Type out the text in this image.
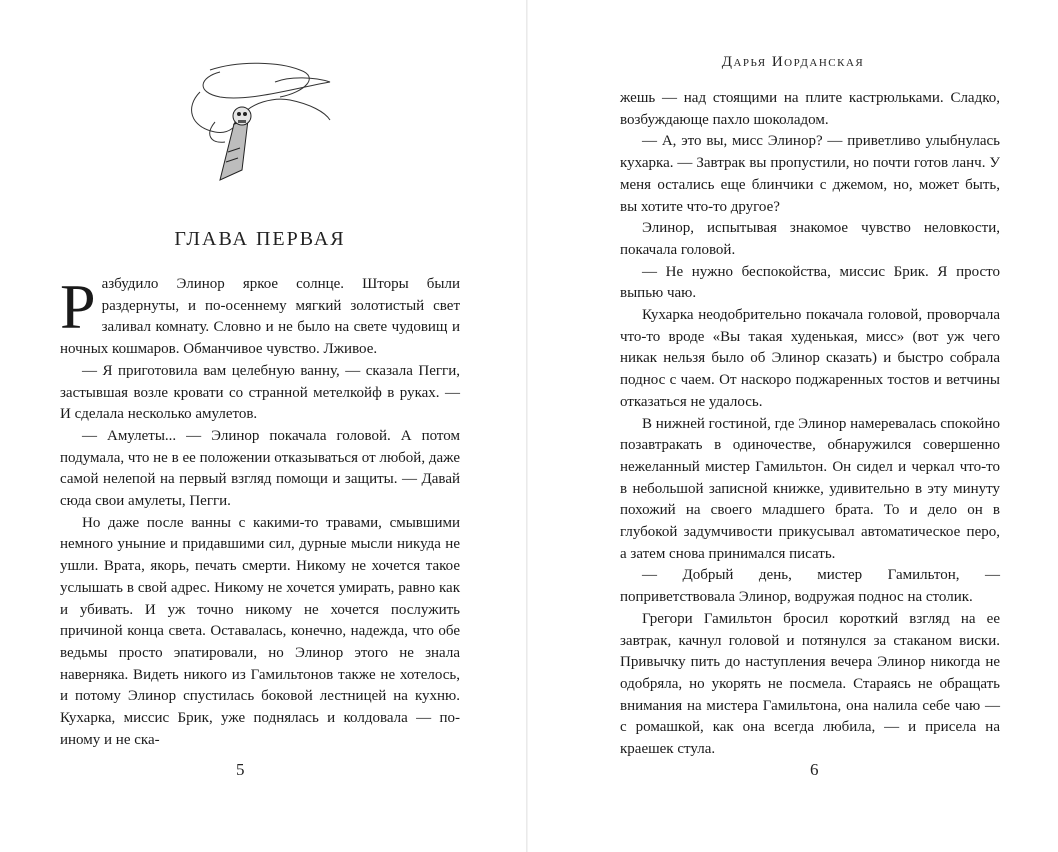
ГЛАВА ПЕРВАЯ

Разбудило Элинор яркое солнце. Шторы были раздернуты, и по-осеннему мягкий золотистый свет заливал комнату. Словно и не было на свете чудовищ и ночных кошмаров. Обманчивое чувство. Лживое.

— Я приготовила вам целебную ванну, — сказала Пегги, застывшая возле кровати со странной метелкойф в руках. — И сделала несколько амулетов.

— Амулеты... — Элинор покачала головой. А потом подумала, что не в ее положении отказываться от любой, даже самой нелепой на первый взгляд помощи и защиты. — Давай сюда свои амулеты, Пегги.

Но даже после ванны с какими-то травами, смывшими немного уныние и придавшими сил, дурные мысли никуда не ушли. Врата, якорь, печать смерти. Никому не хочется такое услышать в свой адрес. Никому не хочется умирать, равно как и убивать. И уж точно никому не хочется послужить причиной конца света. Оставалась, конечно, надежда, что обе ведьмы просто эпатировали, но Элинор этого не знала наверняка. Видеть никого из Гамильтонов также не хотелось, и потому Элинор спустилась боковой лестницей на кухню. Кухарка, миссис Брик, уже поднялась и колдовала — по-иному и не ска-

5
Дарья Иорданская

жешь — над стоящими на плите кастрюльками. Сладко, возбуждающе пахло шоколадом.

— А, это вы, мисс Элинор? — приветливо улыбнулась кухарка. — Завтрак вы пропустили, но почти готов ланч. У меня остались еще блинчики с джемом, но, может быть, вы хотите что-то другое?

Элинор, испытывая знакомое чувство неловкости, покачала головой.

— Не нужно беспокойства, миссис Брик. Я просто выпью чаю.

Кухарка неодобрительно покачала головой, проворчала что-то вроде «Вы такая худенькая, мисс» (вот уж чего никак нельзя было об Элинор сказать) и быстро собрала поднос с чаем. От наскоро поджаренных тостов и ветчины отказаться не удалось.

В нижней гостиной, где Элинор намеревалась спокойно позавтракать в одиночестве, обнаружился совершенно нежеланный мистер Гамильтон. Он сидел и черкал что-то в небольшой записной книжке, удивительно в эту минуту похожий на своего младшего брата. То и дело он в глубокой задумчивости прикусывал автоматическое перо, а затем снова принимался писать.

— Добрый день, мистер Гамильтон, — поприветствовала Элинор, водружая поднос на столик.

Грегори Гамильтон бросил короткий взгляд на ее завтрак, качнул головой и потянулся за стаканом виски. Привычку пить до наступления вечера Элинор никогда не одобряла, но укорять не посмела. Стараясь не обращать внимания на мистера Гамильтона, она налила себе чаю — с ромашкой, как она всегда любила, — и присела на краешек стула.

6
